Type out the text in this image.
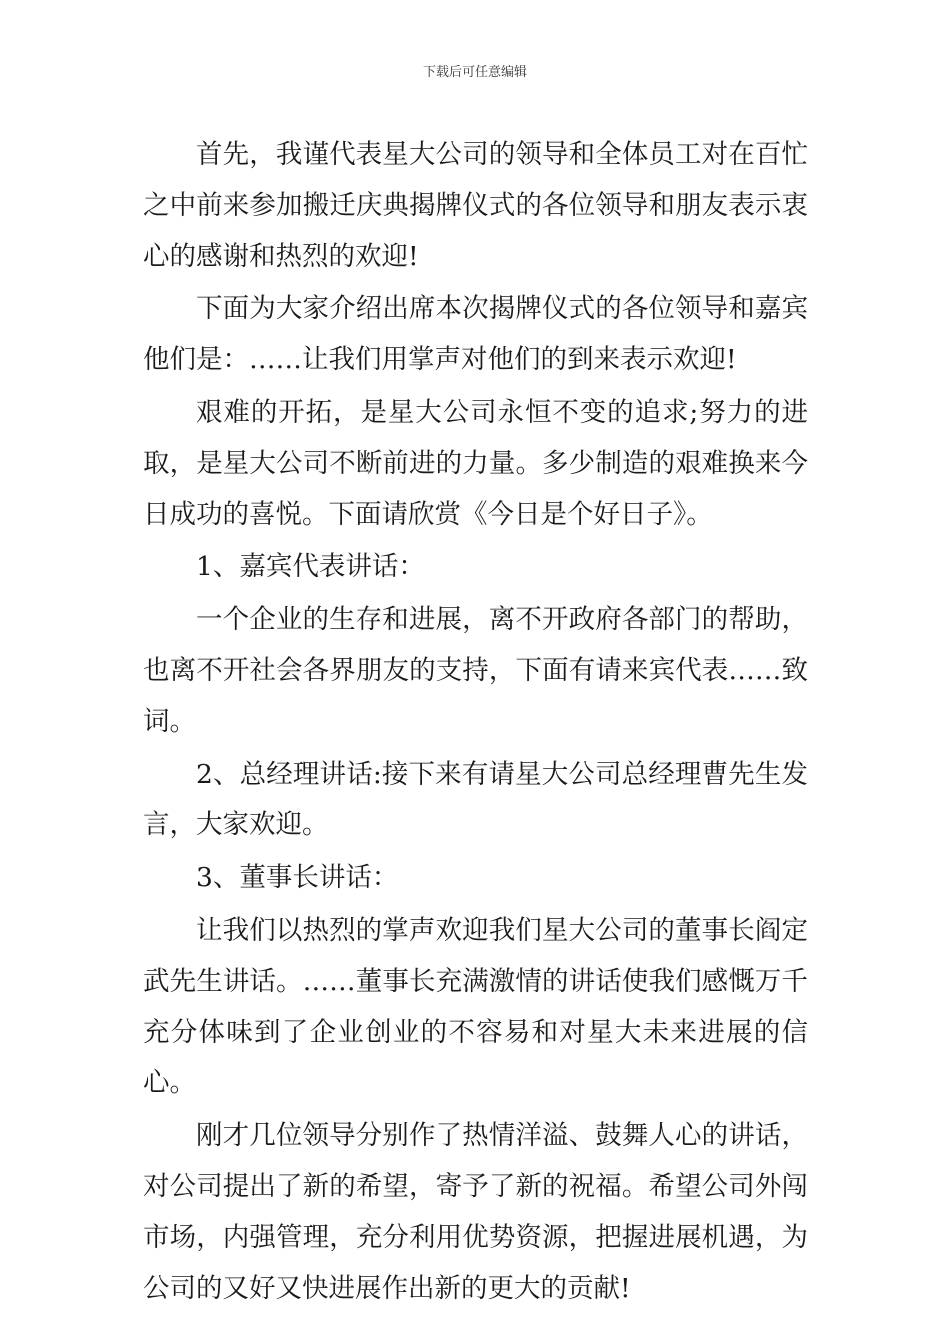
下载后可任意编辑

首先，我谨代表星大公司的领导和全体员工对在百忙之中前来参加搬迁庆典揭牌仪式的各位领导和朋友表示衷心的感谢和热烈的欢迎!

下面为大家介绍出席本次揭牌仪式的各位领导和嘉宾他们是：……让我们用掌声对他们的到来表示欢迎!

艰难的开拓，是星大公司永恒不变的追求;努力的进取，是星大公司不断前进的力量。多少制造的艰难换来今日成功的喜悦。下面请欣赏《今日是个好日子》。

1、嘉宾代表讲话：

一个企业的生存和进展，离不开政府各部门的帮助，也离不开社会各界朋友的支持，下面有请来宾代表……致词。

2、总经理讲话:接下来有请星大公司总经理曹先生发言，大家欢迎。

3、董事长讲话：

让我们以热烈的掌声欢迎我们星大公司的董事长阎定武先生讲话。……董事长充满激情的讲话使我们感慨万千充分体味到了企业创业的不容易和对星大未来进展的信心。

刚才几位领导分别作了热情洋溢、鼓舞人心的讲话，对公司提出了新的希望，寄予了新的祝福。希望公司外闯市场，内强管理，充分利用优势资源，把握进展机遇，为公司的又好又快进展作出新的更大的贡献!
